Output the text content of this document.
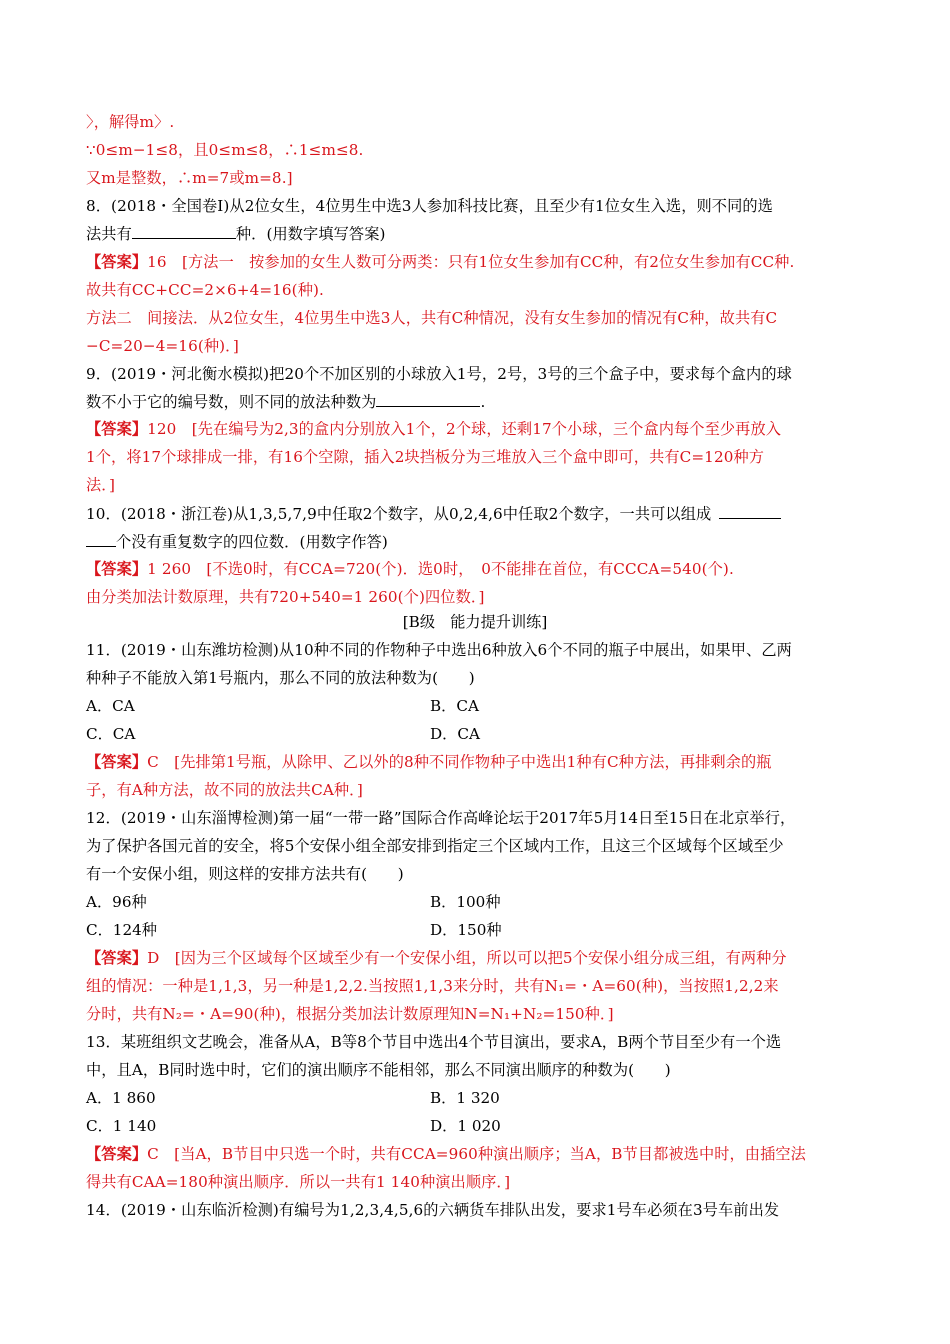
〉，解得m〉.
∵0≤m−1≤8，且0≤m≤8，∴1≤m≤8.
又m是整数，∴m=7或m=8.]
8．(2018・全国卷Ⅰ)从2位女生，4位男生中选3人参加科技比赛，且至少有1位女生入选，则不同的选
法共有	种．(用数字填写答案)
【答案】16　[方法一　按参加的女生人数可分两类：只有1位女生参加有CC种，有2位女生参加有CC种.
故共有CC+CC=2×6+4=16(种).
方法二　间接法．从2位女生，4位男生中选3人，共有C种情况，没有女生参加的情况有C种，故共有C
−C=20−4=16(种)．]
9．(2019・河北衡水模拟)把20个不加区别的小球放入1号，2号，3号的三个盒子中，要求每个盒内的球
数不小于它的编号数，则不同的放法种数为	.
【答案】120　[先在编号为2,3的盒内分别放入1个，2个球，还剩17个小球，三个盒内每个至少再放入
1个，将17个球排成一排，有16个空隙，插入2块挡板分为三堆放入三个盒中即可，共有C=120种方
法．]
10．(2018・浙江卷)从1,3,5,7,9中任取2个数字，从0,2,4,6中任取2个数字，一共可以组成
个没有重复数字的四位数．(用数字作答)
【答案】1 260　[不选0时，有CCA=720(个)．选0时，　0不能排在首位，有CCCA=540(个).
由分类加法计数原理，共有720+540=1 260(个)四位数．]
[B级　能力提升训练]
11．(2019・山东潍坊检测)从10种不同的作物种子中选出6种放入6个不同的瓶子中展出，如果甲、乙两
种种子不能放入第1号瓶内，那么不同的放法种数为(　　)
A．CA	B．CA
C．CA	D．CA
【答案】C　[先排第1号瓶，从除甲、乙以外的8种不同作物种子中选出1种有C种方法，再排剩余的瓶
子，有A种方法，故不同的放法共CA种．]
12．(2019・山东淄博检测)第一届“一带一路”国际合作高峰论坛于2017年5月14日至15日在北京举行，
为了保护各国元首的安全，将5个安保小组全部安排到指定三个区域内工作，且这三个区域每个区域至少
有一个安保小组，则这样的安排方法共有(　　)
A．96种	B．100种
C．124种	D．150种
【答案】D　[因为三个区域每个区域至少有一个安保小组，所以可以把5个安保小组分成三组，有两种分
组的情况：一种是1,1,3，另一种是1,2,2.当按照1,1,3来分时，共有N₁=・A=60(种)，当按照1,2,2来
分时，共有N₂=・A=90(种)，根据分类加法计数原理知N=N₁+N₂=150种．]
13．某班组织文艺晚会，准备从A，B等8个节目中选出4个节目演出，要求A，B两个节目至少有一个选
中，且A，B同时选中时，它们的演出顺序不能相邻，那么不同演出顺序的种数为(　　)
A．1 860	B．1 320
C．1 140	D．1 020
【答案】C　[当A，B节目中只选一个时，共有CCA=960种演出顺序；当A，B节目都被选中时，由插空法
得共有CAA=180种演出顺序．所以一共有1 140种演出顺序．]
14．(2019・山东临沂检测)有编号为1,2,3,4,5,6的六辆货车排队出发，要求1号车必须在3号车前出发
